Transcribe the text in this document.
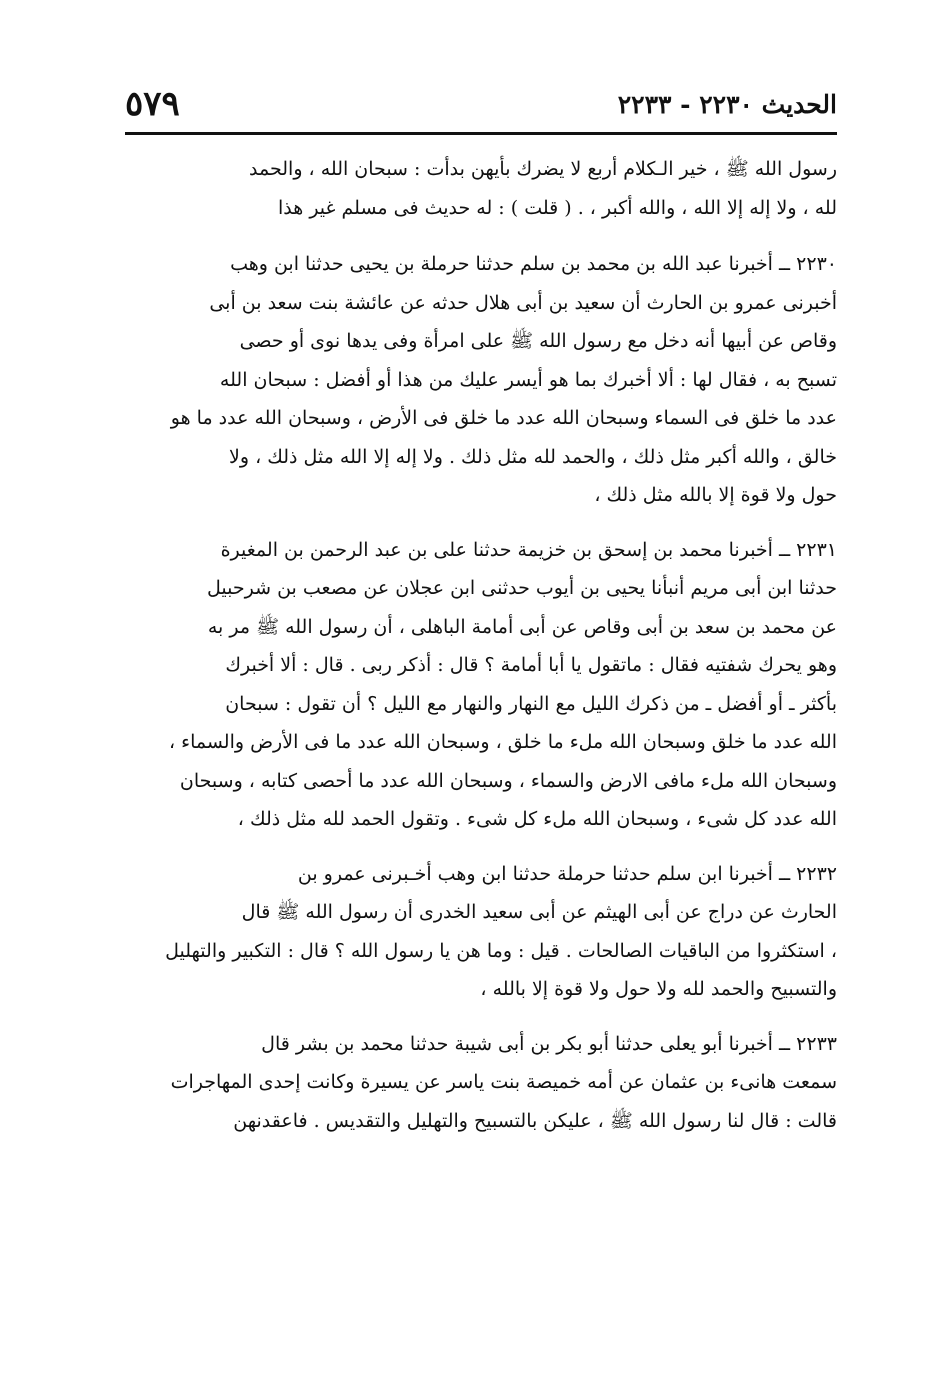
الحديث ٢٢٣٠ - ٢٢٣٣
٥٧٩
رسول الله ﷺ ، خير الـكلام أربع لا يضرك بأيهن بدأت : سبحان الله ، والحمد
لله ، ولا إله إلا الله ، والله أكبر ، . ( قلت ) : له حديث فى مسلم غير هذا
٢٢٣٠ ــ أخبرنا عبد الله بن محمد بن سلم حدثنا حرملة بن يحيى حدثنا ابن وهب
أخبرنى عمرو بن الحارث أن سعيد بن أبى هلال حدثه عن عائشة بنت سعد بن أبى
وقاص عن أبيها أنه دخل مع رسول الله ﷺ على امرأة وفى يدها نوى أو حصى
تسبح به ، فقال لها : ألا أخبرك بما هو أيسر عليك من هذا أو أفضل : سبحان الله
عدد ما خلق فى السماء وسبحان الله عدد ما خلق فى الأرض ، وسبحان الله عدد ما هو
خالق ، والله أكبر مثل ذلك ، والحمد لله مثل ذلك . ولا إله إلا الله مثل ذلك ، ولا
حول ولا قوة إلا بالله مثل ذلك ،
٢٢٣١ ــ أخبرنا محمد بن إسحق بن خزيمة حدثنا على بن عبد الرحمن بن المغيرة
حدثنا ابن أبى مريم أنبأنا يحيى بن أيوب حدثنى ابن عجلان عن مصعب بن شرحبيل
عن محمد بن سعد بن أبى وقاص عن أبى أمامة الباهلى ، أن رسول الله ﷺ مر به
وهو يحرك شفتيه فقال : ماتقول يا أبا أمامة ؟ قال : أذكر ربى . قال : ألا أخبرك
بأكثر ـ أو أفضل ـ من ذكرك الليل مع النهار والنهار مع الليل ؟ أن تقول : سبحان
الله عدد ما خلق وسبحان الله ملء ما خلق ، وسبحان الله عدد ما فى الأرض والسماء ،
وسبحان الله ملء مافى الارض والسماء ، وسبحان الله عدد ما أحصى كتابه ، وسبحان
الله عدد كل شىء ، وسبحان الله ملء كل شىء . وتقول الحمد لله مثل ذلك ،
٢٢٣٢ ــ أخبرنا ابن سلم حدثنا حرملة حدثنا ابن وهب أخـبرنى عمرو بن
الحارث عن دراج عن أبى الهيثم عن أبى سعيد الخدرى أن رسول الله ﷺ قال
، استكثروا من الباقيات الصالحات . قيل : وما هن يا رسول الله ؟ قال : التكبير والتهليل
والتسبيح والحمد لله ولا حول ولا قوة إلا بالله ،
٢٢٣٣ ــ أخبرنا أبو يعلى حدثنا أبو بكر بن أبى شيبة حدثنا محمد بن بشر قال
سمعت هانىء بن عثمان عن أمه خميصة بنت ياسر عن يسيرة وكانت إحدى المهاجرات
قالت : قال لنا رسول الله ﷺ ، عليكن بالتسبيح والتهليل والتقديس . فاعقدنهن
